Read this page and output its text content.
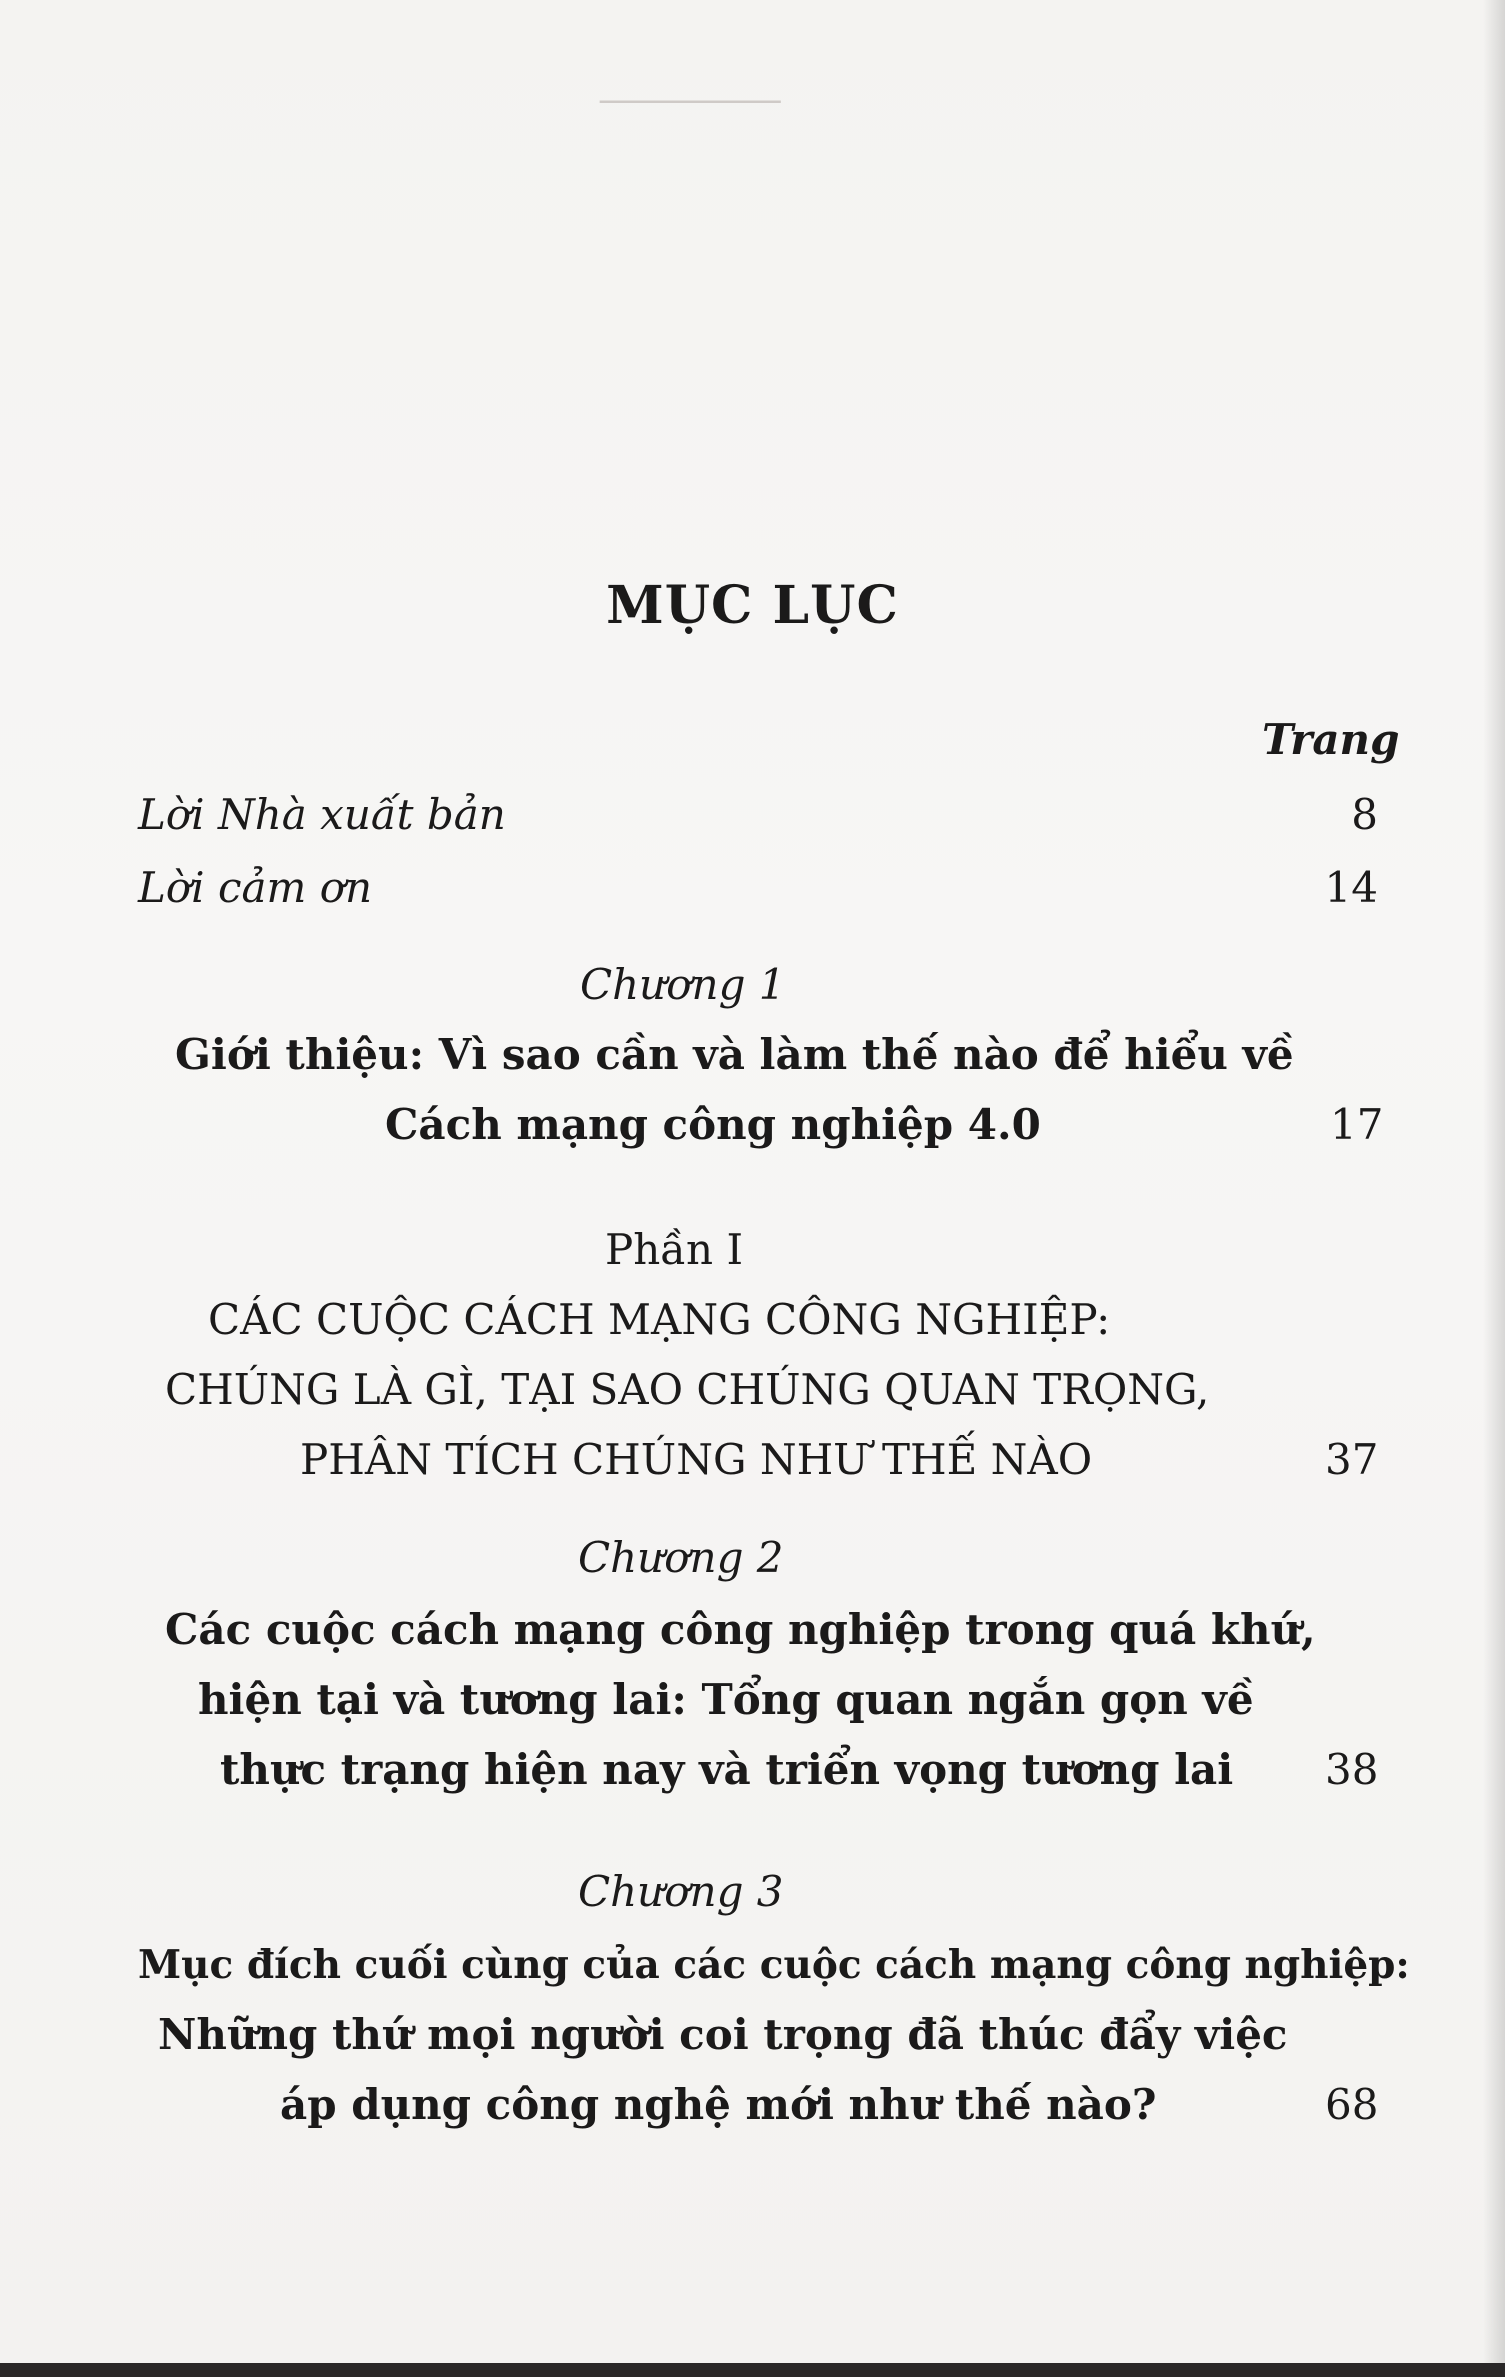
──────────
MỤC LỤC
Trang
Lời Nhà xuất bản	8
Lời cảm ơn	14
Chương 1
Giới thiệu: Vì sao cần và làm thế nào để hiểu về
Cách mạng công nghiệp 4.0	17
Phần I
CÁC CUỘC CÁCH MẠNG CÔNG NGHIỆP:
CHÚNG LÀ GÌ, TẠI SAO CHÚNG QUAN TRỌNG,
PHÂN TÍCH CHÚNG NHƯ THẾ NÀO	37
Chương 2
Các cuộc cách mạng công nghiệp trong quá khứ,
hiện tại và tương lai: Tổng quan ngắn gọn về
thực trạng hiện nay và triển vọng tương lai 38
Chương 3
Mục đích cuối cùng của các cuộc cách mạng công nghiệp:
Những thứ mọi người coi trọng đã thúc đẩy việc
áp dụng công nghệ mới như thế nào?	68
